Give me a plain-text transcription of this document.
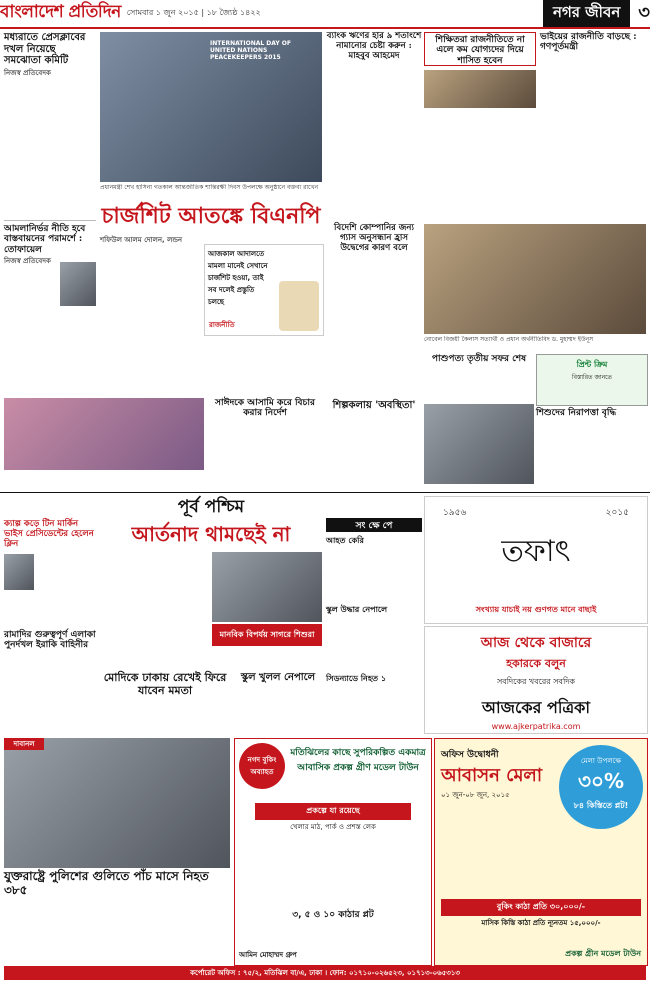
বাংলাদেশ প্রতিদিন সোমবার ১ জুন ২০১৫ | ১৮ জ্যৈষ্ঠ ১৪২২	নগর জীবন	৩
মধ্যরাতে প্রেসক্লাবের দখল নিয়েছে সমঝোতা কমিটি
নিজস্ব প্রতিবেদক
আমলানির্ভর নীতি হবে বাস্তবায়নের পরামর্শে : তোফায়েল
নিজস্ব প্রতিবেদক
INTERNATIONAL DAY OF UNITED NATIONS PEACEKEEPERS 2015
প্রধানমন্ত্রী শেখ হাসিনা গতকাল আন্তর্জাতিক শান্তিরক্ষী দিবস উপলক্ষে অনুষ্ঠানে বক্তব্য রাখেন
ব্যাংক ঋণের হার ৯ শতাংশে নামানোর চেষ্টা করুন : মাহবুব আহমেদ
শিক্ষিতরা রাজনীতিতে না এলে কম যোগ্যদের দিয়ে শাসিত হবেন
ভাইয়ের রাজনীতি বাড়ছে : গণপূর্তমন্ত্রী
চার্জশিট আতঙ্কে বিএনপি
শফিউল আলম দোলন, লন্ডন
আজকাল আদালতে মামলা মানেই সেখানে চার্জশিট হওয়া, তাই সব দলেই প্রস্তুতি চলছে
রাজনীতি
বিদেশি কোম্পানির জন্য গ্যাস অনুসন্ধান হ্রাস উদ্বেগের কারণ বলে
নোবেল বিজয়ী কৈলাস সত্যার্থী ও প্রধান অর্থনীতিবিদ ড. মুহাম্মদ ইউনূস
পাশুপত্য তৃতীয় সফর শেষ
প্রিন্ট ক্রিম
বিস্তারিত জানতে
সাঈদকে আসামি করে বিচার করার নির্দেশ
শিল্পকলায় 'অবস্থিতা'
শিশুদের নিরাপত্তা বৃদ্ধি
পূর্ব পশ্চিম	১৯৫৬	২০১৫
তফাৎ
সংখ্যায় যাচাই নয় গুণগত মানে বাছাই
আর্তনাদ থামছেই না
মানবিক বিপর্যয় সাগরে শিশুরা
সং ক্ষে পে
আহত কেরি
স্কুল উদ্ধার নেপালে
সিডন্যাডে নিহত ১
ক্যাল্প কড়ে টিন মার্কিন ভাইস প্রেসিডেন্টের হেলেন ক্লিন
রামাদির গুরুত্বপূর্ণ এলাকা পুনর্দখল ইরাকি বাহিনীর
মোদিকে ঢাকায় রেখেই ফিরে যাবেন মমতা
স্কুল খুলল নেপালে
আজ থেকে বাজারে
হকারকে বলুন
সবদিকের খবরের সবদিক
আজকের পত্রিকা
www.ajkerpatrika.com
দাবানল
যুক্তরাষ্ট্রে পুলিশের গুলিতে পাঁচ মাসে নিহত ৩৮৫
নগদ বুকিং অব্যাহত
মতিঝিলের কাছে সুপরিকল্পিত একমাত্র আবাসিক প্রকল্প গ্রীণ মডেল টাউন
প্রকল্পে যা রয়েছে
খেলার মাঠ, পার্ক ও প্রশস্ত লেক
৩, ৫ ও ১০ কাঠার প্লট
আমিন মোহাম্মদ গ্রুপ
অফিস উদ্বোধনী
আবাসন মেলা
০১ জুন-০৮ জুন, ২০১৫
মেলা উপলক্ষে
৩০%
৮৪ কিস্তিতে প্লট!
বুকিং কাঠা প্রতি ৩০,০০০/-
মাসিক কিস্তি কাঠা প্রতি ন্যূনতম ১৫,০০০/-
প্রকল্প গ্রীন মডেল টাউন
কর্পোরেট অফিস : ৭৫/২, মতিঝিল বা/এ, ঢাকা । ফোন: ০১৭১০-০২৬৫২৩, ০১৭১৩-০৬৫৩১৩
